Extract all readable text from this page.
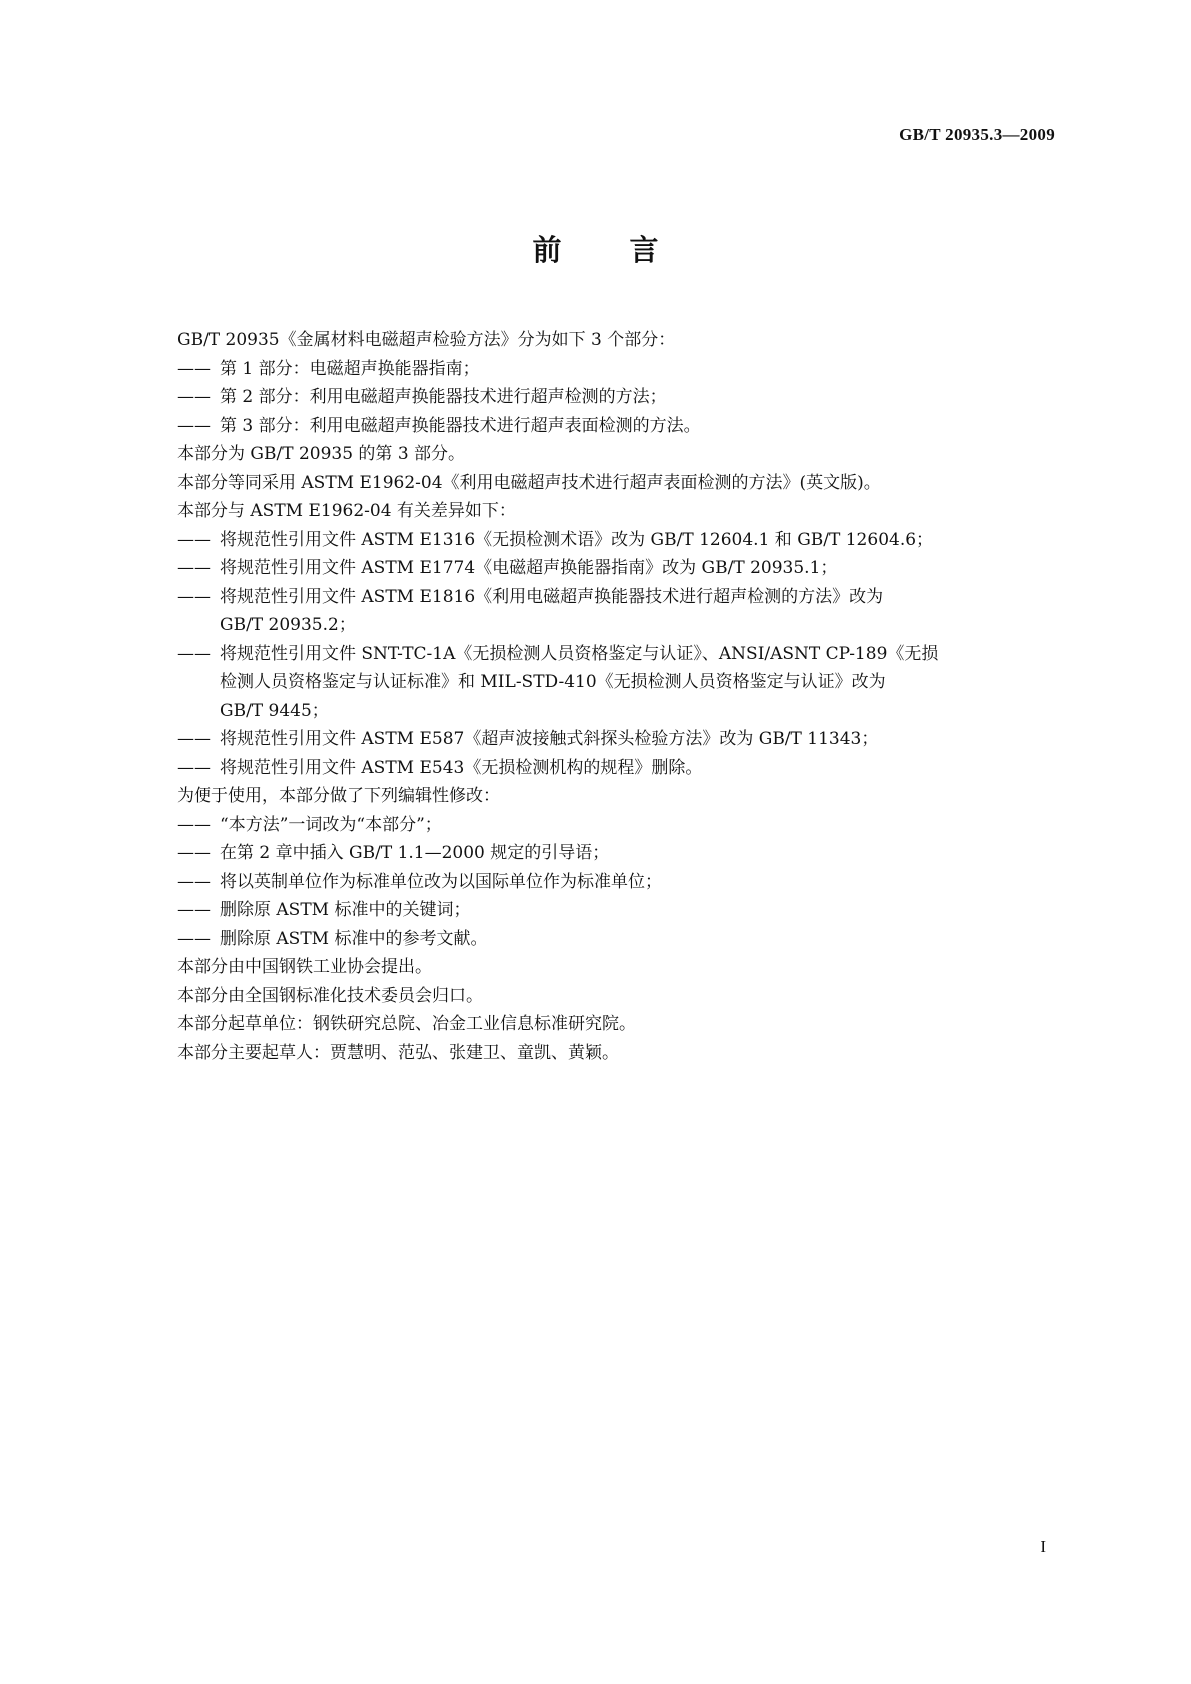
GB/T 20935.3—2009
前 言
GB/T 20935《金属材料电磁超声检验方法》分为如下 3 个部分：
—— 第 1 部分：电磁超声换能器指南；
—— 第 2 部分：利用电磁超声换能器技术进行超声检测的方法；
—— 第 3 部分：利用电磁超声换能器技术进行超声表面检测的方法。
本部分为 GB/T 20935 的第 3 部分。
本部分等同采用 ASTM E1962-04《利用电磁超声技术进行超声表面检测的方法》(英文版)。
本部分与 ASTM E1962-04 有关差异如下：
—— 将规范性引用文件 ASTM E1316《无损检测术语》改为 GB/T 12604.1 和 GB/T 12604.6；
—— 将规范性引用文件 ASTM E1774《电磁超声换能器指南》改为 GB/T 20935.1；
—— 将规范性引用文件 ASTM E1816《利用电磁超声换能器技术进行超声检测的方法》改为
GB/T 20935.2；
—— 将规范性引用文件 SNT-TC-1A《无损检测人员资格鉴定与认证》、ANSI/ASNT CP-189《无损
检测人员资格鉴定与认证标准》和 MIL-STD-410《无损检测人员资格鉴定与认证》改为
GB/T 9445；
—— 将规范性引用文件 ASTM E587《超声波接触式斜探头检验方法》改为 GB/T 11343；
—— 将规范性引用文件 ASTM E543《无损检测机构的规程》删除。
为便于使用，本部分做了下列编辑性修改：
—— “本方法”一词改为“本部分”；
—— 在第 2 章中插入 GB/T 1.1—2000 规定的引导语；
—— 将以英制单位作为标准单位改为以国际单位作为标准单位；
—— 删除原 ASTM 标准中的关键词；
—— 删除原 ASTM 标准中的参考文献。
本部分由中国钢铁工业协会提出。
本部分由全国钢标准化技术委员会归口。
本部分起草单位：钢铁研究总院、冶金工业信息标准研究院。
本部分主要起草人：贾慧明、范弘、张建卫、童凯、黄颖。
I
